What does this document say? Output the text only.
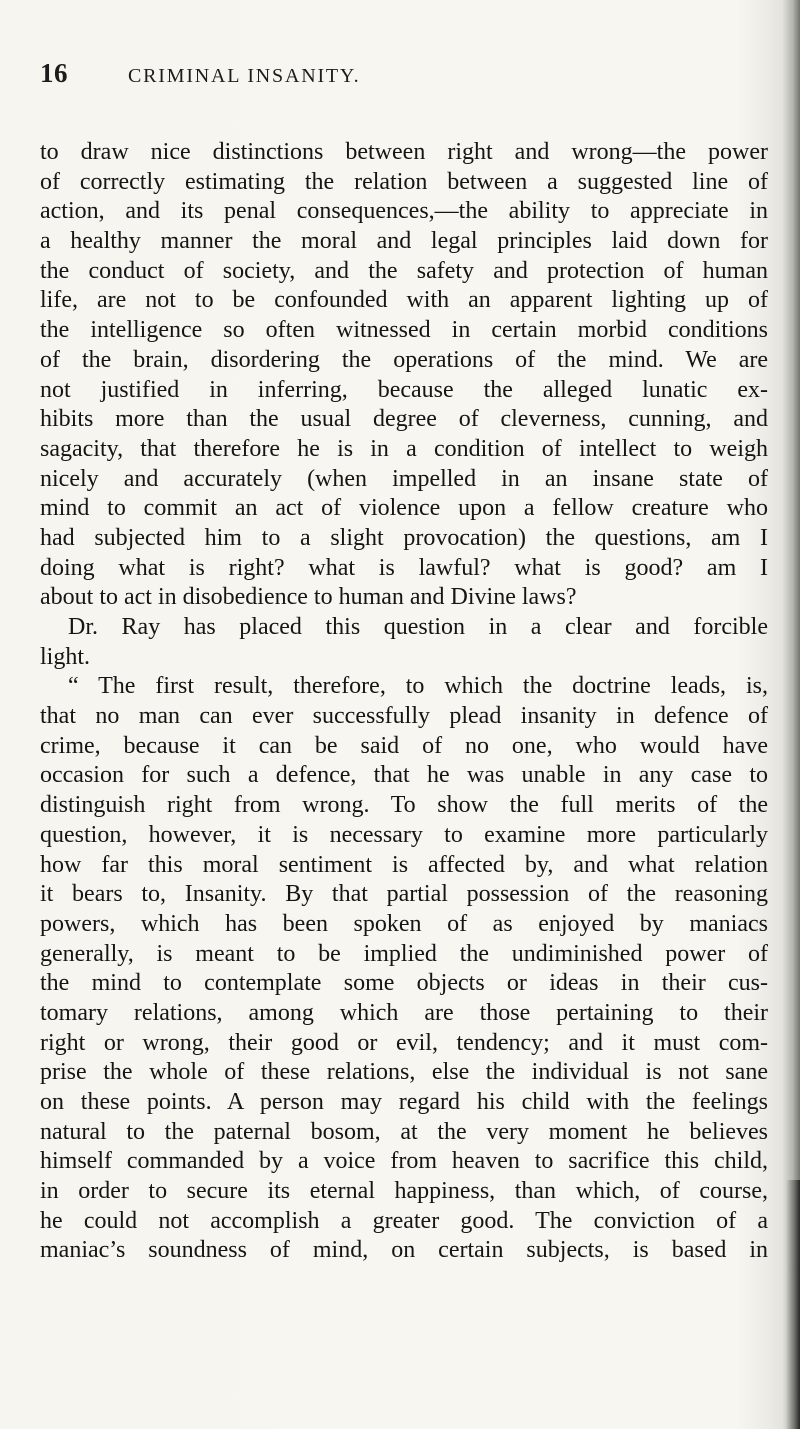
16	CRIMINAL INSANITY.
to draw nice distinctions between right and wrong—the power
of correctly estimating the relation between a suggested line of
action, and its penal consequences,—the ability to appreciate in
a healthy manner the moral and legal principles laid down for
the conduct of society, and the safety and protection of human
life, are not to be confounded with an apparent lighting up of
the intelligence so often witnessed in certain morbid conditions
of the brain, disordering the operations of the mind. We are
not justified in inferring, because the alleged lunatic ex-
hibits more than the usual degree of cleverness, cunning, and
sagacity, that therefore he is in a condition of intellect to weigh
nicely and accurately (when impelled in an insane state of
mind to commit an act of violence upon a fellow creature who
had subjected him to a slight provocation) the questions, am I
doing what is right? what is lawful? what is good? am I
about to act in disobedience to human and Divine laws?
Dr. Ray has placed this question in a clear and forcible
light.
“ The first result, therefore, to which the doctrine leads, is,
that no man can ever successfully plead insanity in defence of
crime, because it can be said of no one, who would have
occasion for such a defence, that he was unable in any case to
distinguish right from wrong. To show the full merits of the
question, however, it is necessary to examine more particularly
how far this moral sentiment is affected by, and what relation
it bears to, Insanity. By that partial possession of the reasoning
powers, which has been spoken of as enjoyed by maniacs
generally, is meant to be implied the undiminished power of
the mind to contemplate some objects or ideas in their cus-
tomary relations, among which are those pertaining to their
right or wrong, their good or evil, tendency; and it must com-
prise the whole of these relations, else the individual is not sane
on these points. A person may regard his child with the feelings
natural to the paternal bosom, at the very moment he believes
himself commanded by a voice from heaven to sacrifice this child,
in order to secure its eternal happiness, than which, of course,
he could not accomplish a greater good. The conviction of a
maniac’s soundness of mind, on certain subjects, is based in
